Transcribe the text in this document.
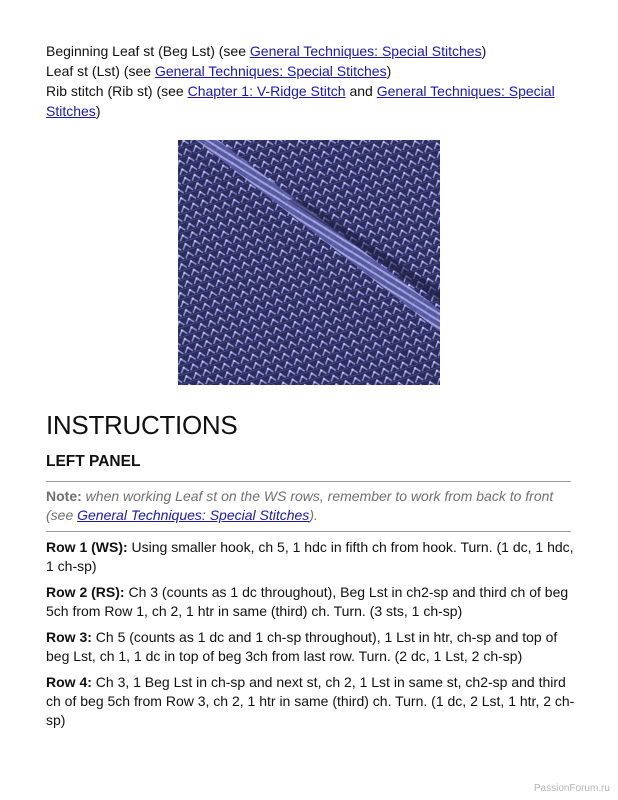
Beginning Leaf st (Beg Lst) (see General Techniques: Special Stitches)

Leaf st (Lst) (see General Techniques: Special Stitches)

Rib stitch (Rib st) (see Chapter 1: V-Ridge Stitch and General Techniques: Special Stitches)

INSTRUCTIONS
LEFT PANEL
Note: when working Leaf st on the WS rows, remember to work from back to front (see General Techniques: Special Stitches).

Row 1 (WS): Using smaller hook, ch 5, 1 hdc in fifth ch from hook. Turn. (1 dc, 1 hdc, 1 ch-sp)

Row 2 (RS): Ch 3 (counts as 1 dc throughout), Beg Lst in ch2-sp and third ch of beg 5ch from Row 1, ch 2, 1 htr in same (third) ch. Turn. (3 sts, 1 ch-sp)

Row 3: Ch 5 (counts as 1 dc and 1 ch-sp throughout), 1 Lst in htr, ch-sp and top of beg Lst, ch 1, 1 dc in top of beg 3ch from last row. Turn. (2 dc, 1 Lst, 2 ch-sp)

Row 4: Ch 3, 1 Beg Lst in ch-sp and next st, ch 2, 1 Lst in same st, ch2-sp and third ch of beg 5ch from Row 3, ch 2, 1 htr in same (third) ch. Turn. (1 dc, 2 Lst, 1 htr, 2 ch-sp)

PassionForum.ru
